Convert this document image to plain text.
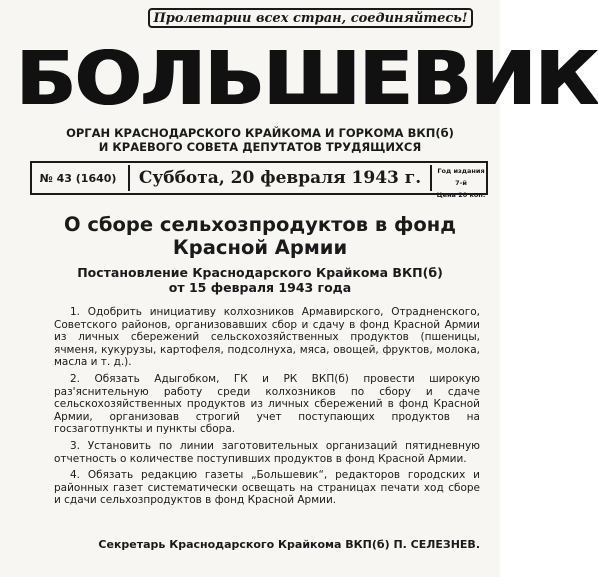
Пролетарии всех стран, соединяйтесь!
БОЛЬШЕВИК
ОРГАН КРАСНОДАРСКОГО КРАЙКОМА И ГОРКОМА ВКП(б)
И КРАЕВОГО СОВЕТА ДЕПУТАТОВ ТРУДЯЩИХСЯ
№ 43 (1640)	Суббота, 20 февраля 1943 г.	Год издания 7-й
Цена 20 коп.
О сборе сельхозпродуктов в фонд
Красной Армии
Постановление Краснодарского Крайкома ВКП(б)
от 15 февраля 1943 года

1. Одобрить инициативу колхозников Армавирского, Отрадненского, Советского районов, организовавших сбор и сдачу в фонд Красной Армии из личных сбережений сельскохозяйственных продуктов (пшеницы, ячменя, кукурузы, картофеля, подсолнуха, мяса, овощей, фруктов, молока, масла и т. д.).

2. Обязать Адыгобком, ГК и РК ВКП(б) провести широкую раз'яснительную работу среди колхозников по сбору и сдаче сельскохозяйственных продуктов из личных сбережений в фонд Красной Армии, организовав строгий учет поступающих продуктов на госзаготпункты и пункты сбора.

3. Установить по линии заготовительных организаций пятидневную отчетность о количестве поступивших продуктов в фонд Красной Армии.

4. Обязать редакцию газеты „Большевик“, редакторов городских и районных газет систематически освещать на страницах печати ход сборе и сдачи сельхозпродуктов в фонд Красной Армии.

Секретарь Краснодарского Крайкома ВКП(б) П. СЕЛЕЗНЕВ.
